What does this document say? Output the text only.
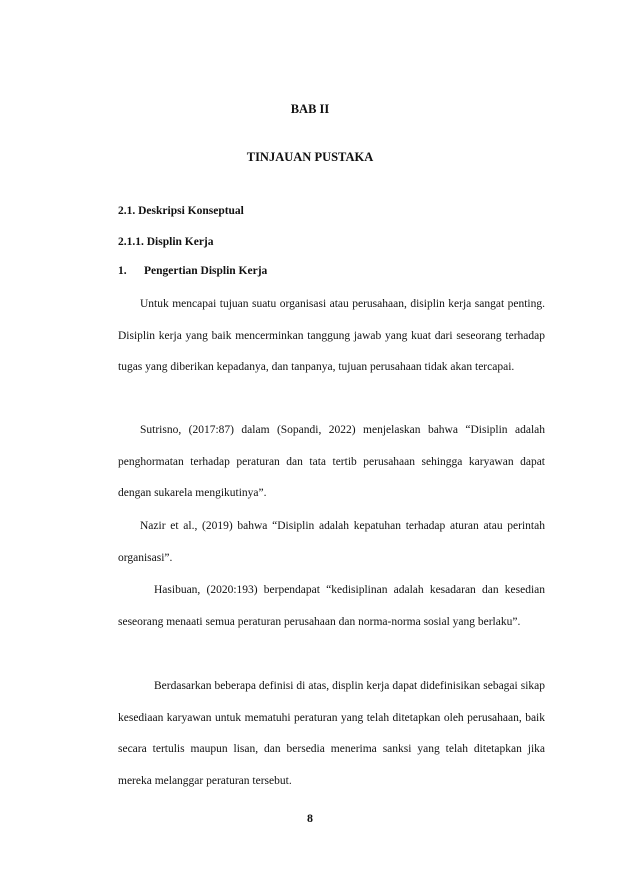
BAB II
TINJAUAN PUSTAKA
2.1. Deskripsi Konseptual
2.1.1. Displin Kerja
1. Pengertian Displin Kerja

Untuk mencapai tujuan suatu organisasi atau perusahaan, disiplin kerja sangat penting. Disiplin kerja yang baik mencerminkan tanggung jawab yang kuat dari seseorang terhadap tugas yang diberikan kepadanya, dan tanpanya, tujuan perusahaan tidak akan tercapai.

Sutrisno, (2017:87) dalam (Sopandi, 2022) menjelaskan bahwa “Disiplin adalah penghormatan terhadap peraturan dan tata tertib perusahaan sehingga karyawan dapat dengan sukarela mengikutinya”.

Nazir et al., (2019) bahwa “Disiplin adalah kepatuhan terhadap aturan atau perintah organisasi”.

Hasibuan, (2020:193) berpendapat “kedisiplinan adalah kesadaran dan kesedian seseorang menaati semua peraturan perusahaan dan norma-norma sosial yang berlaku”.

Berdasarkan beberapa definisi di atas, displin kerja dapat didefinisikan sebagai sikap kesediaan karyawan untuk mematuhi peraturan yang telah ditetapkan oleh perusahaan, baik secara tertulis maupun lisan, dan bersedia menerima sanksi yang telah ditetapkan jika mereka melanggar peraturan tersebut.

8
